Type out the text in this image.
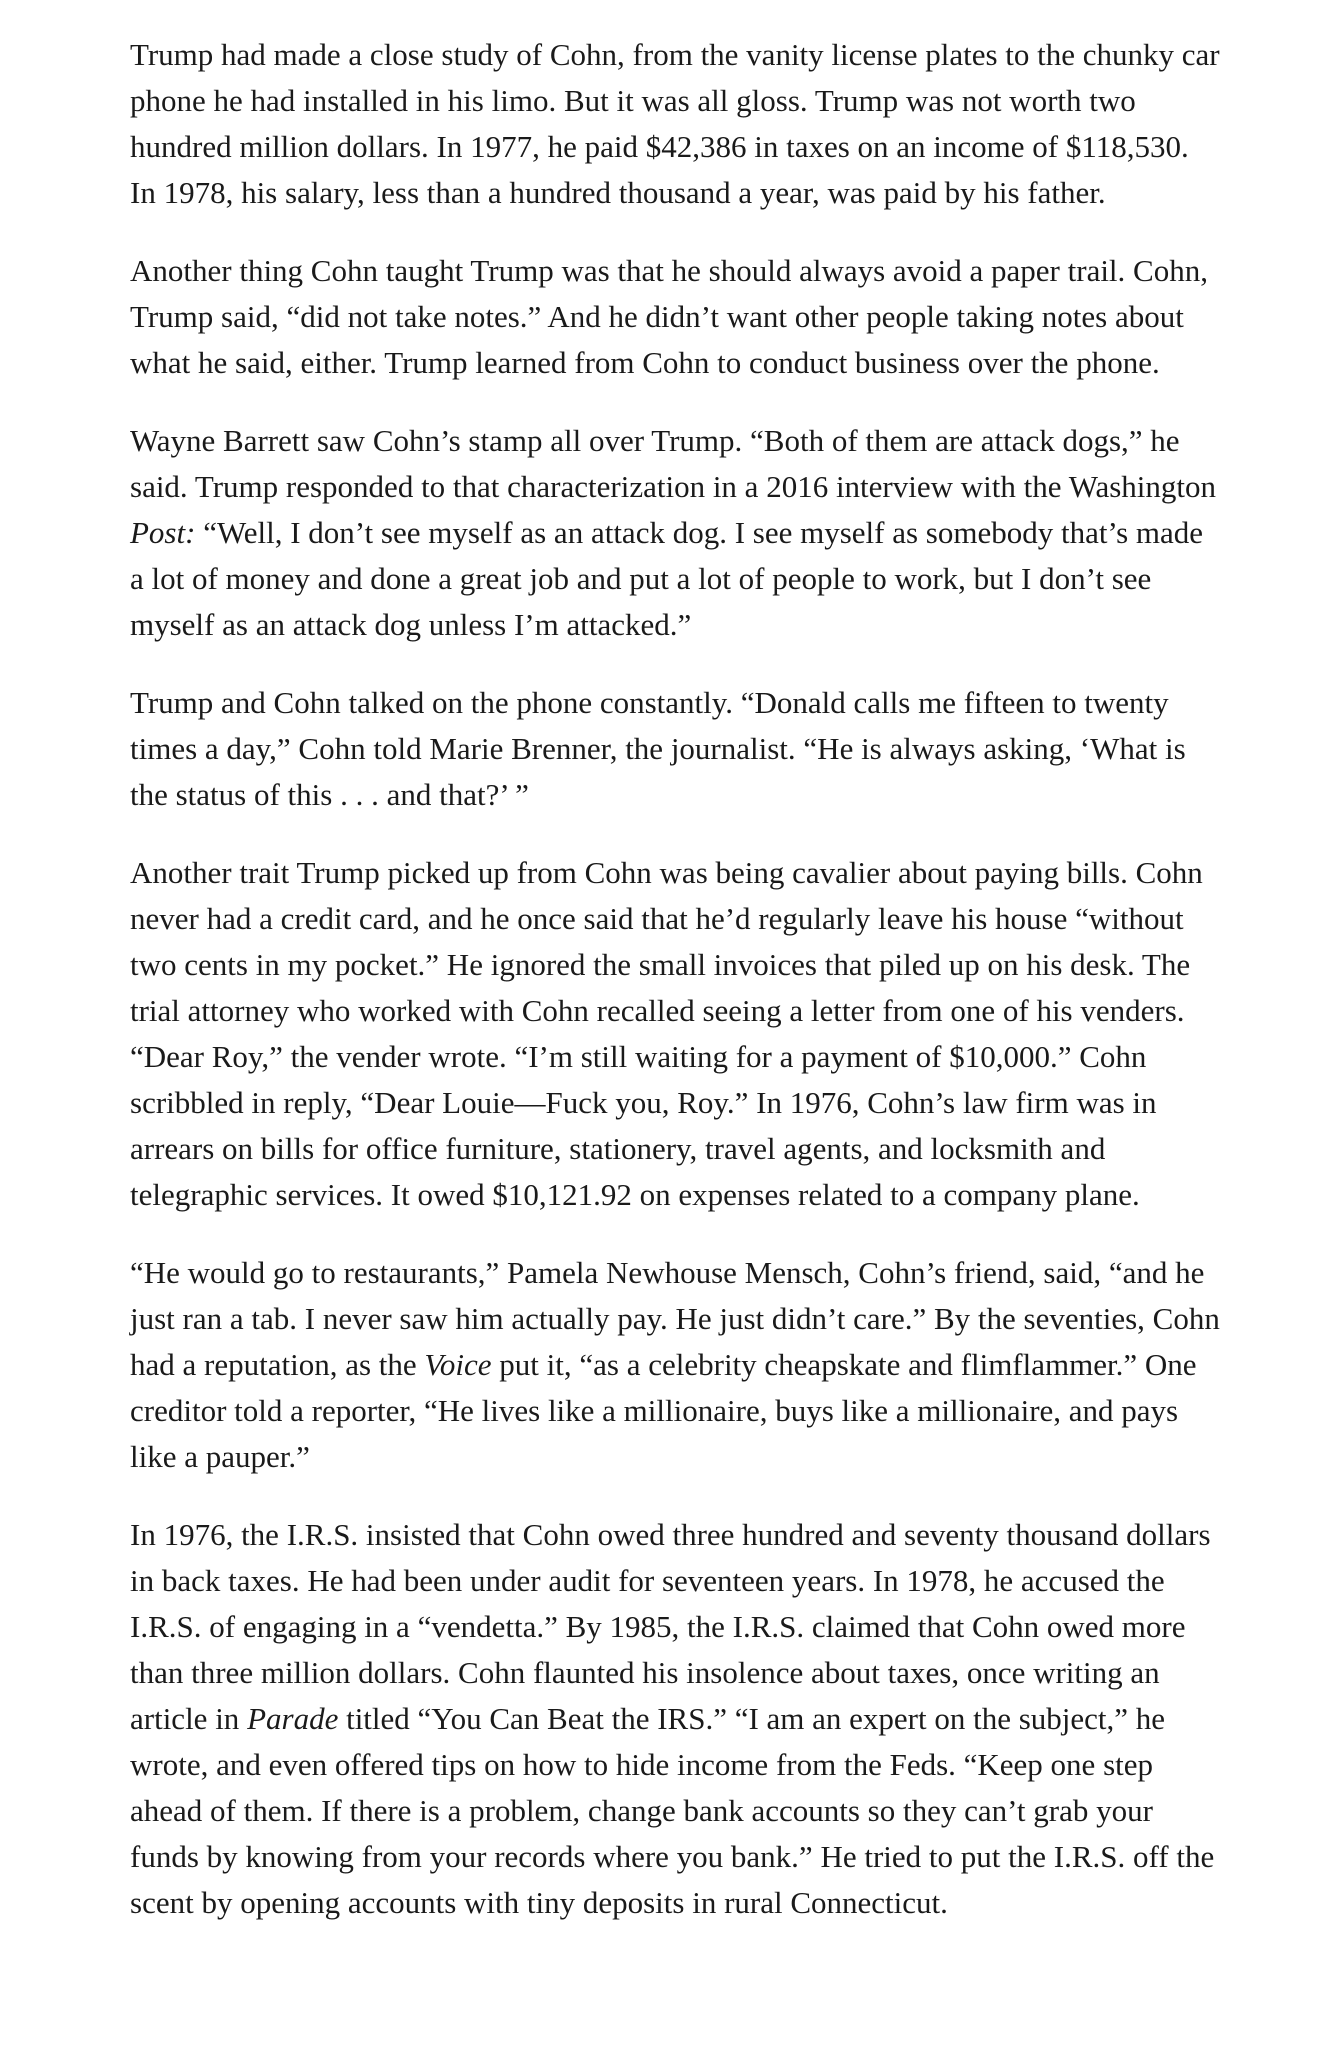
Trump had made a close study of Cohn, from the vanity license plates to the chunky car phone he had installed in his limo. But it was all gloss. Trump was not worth two hundred million dollars. In 1977, he paid $42,386 in taxes on an income of $118,530. In 1978, his salary, less than a hundred thousand a year, was paid by his father.

Another thing Cohn taught Trump was that he should always avoid a paper trail. Cohn, Trump said, “did not take notes.” And he didn’t want other people taking notes about what he said, either. Trump learned from Cohn to conduct business over the phone.

Wayne Barrett saw Cohn’s stamp all over Trump. “Both of them are attack dogs,” he said. Trump responded to that characterization in a 2016 interview with the Washington Post: “Well, I don’t see myself as an attack dog. I see myself as somebody that’s made a lot of money and done a great job and put a lot of people to work, but I don’t see myself as an attack dog unless I’m attacked.”

Trump and Cohn talked on the phone constantly. “Donald calls me fifteen to twenty times a day,” Cohn told Marie Brenner, the journalist. “He is always asking, ‘What is the status of this . . . and that?’ ”

Another trait Trump picked up from Cohn was being cavalier about paying bills. Cohn never had a credit card, and he once said that he’d regularly leave his house “without two cents in my pocket.” He ignored the small invoices that piled up on his desk. The trial attorney who worked with Cohn recalled seeing a letter from one of his venders. “Dear Roy,” the vender wrote. “I’m still waiting for a payment of $10,000.” Cohn scribbled in reply, “Dear Louie—Fuck you, Roy.” In 1976, Cohn’s law firm was in arrears on bills for office furniture, stationery, travel agents, and locksmith and telegraphic services. It owed $10,121.92 on expenses related to a company plane.

“He would go to restaurants,” Pamela Newhouse Mensch, Cohn’s friend, said, “and he just ran a tab. I never saw him actually pay. He just didn’t care.” By the seventies, Cohn had a reputation, as the Voice put it, “as a celebrity cheapskate and flimflammer.” One creditor told a reporter, “He lives like a millionaire, buys like a millionaire, and pays like a pauper.”

In 1976, the I.R.S. insisted that Cohn owed three hundred and seventy thousand dollars in back taxes. He had been under audit for seventeen years. In 1978, he accused the I.R.S. of engaging in a “vendetta.” By 1985, the I.R.S. claimed that Cohn owed more than three million dollars. Cohn flaunted his insolence about taxes, once writing an article in Parade titled “You Can Beat the IRS.” “I am an expert on the subject,” he wrote, and even offered tips on how to hide income from the Feds. “Keep one step ahead of them. If there is a problem, change bank accounts so they can’t grab your funds by knowing from your records where you bank.” He tried to put the I.R.S. off the scent by opening accounts with tiny deposits in rural Connecticut.
